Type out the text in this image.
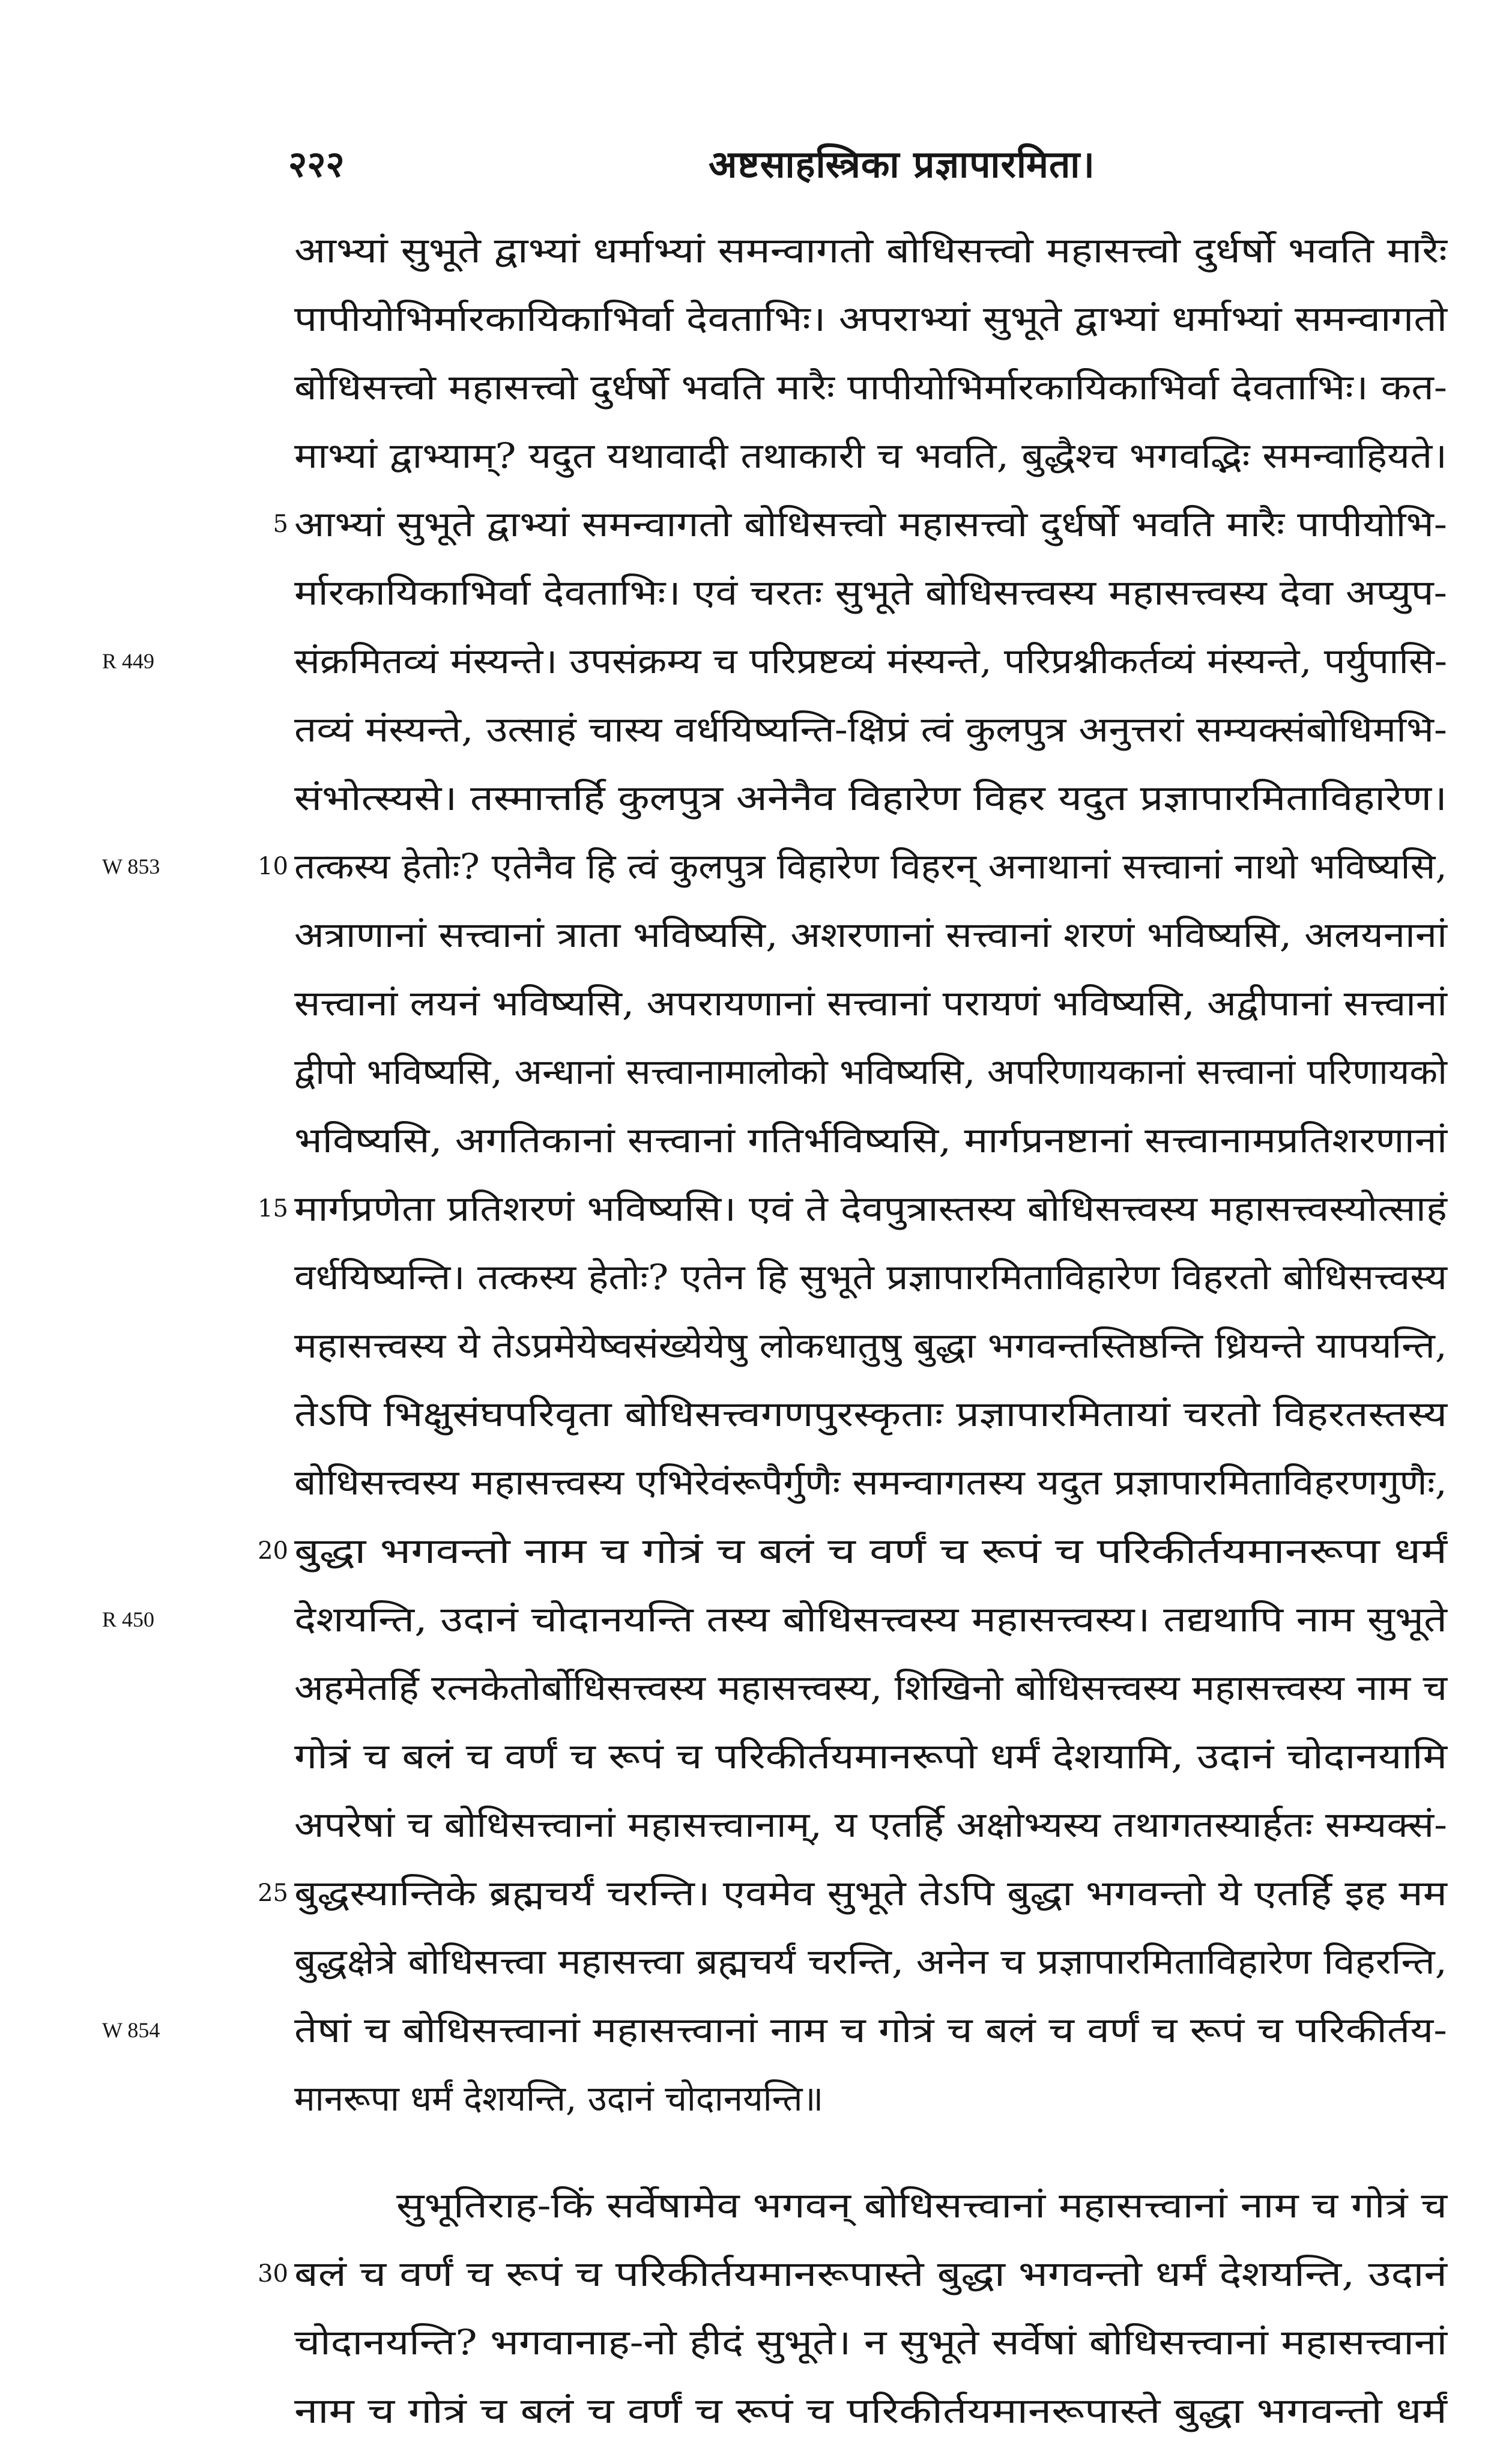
२२२	अष्टसाहस्त्रिका प्रज्ञापारमिता।
R 449
W 853
R 450
W 854
आभ्यां सुभूते द्वाभ्यां धर्माभ्यां समन्वागतो बोधिसत्त्वो महासत्त्वो दुर्धर्षो भवति मारैः
पापीयोभिर्मारकायिकाभिर्वा देवताभिः। अपराभ्यां सुभूते द्वाभ्यां धर्माभ्यां समन्वागतो
बोधिसत्त्वो महासत्त्वो दुर्धर्षो भवति मारैः पापीयोभिर्मारकायिकाभिर्वा देवताभिः। कत-
माभ्यां द्वाभ्याम्? यदुत यथावादी तथाकारी च भवति, बुद्धैश्च भगवद्भिः समन्वाहियते।
5 आभ्यां सुभूते द्वाभ्यां समन्वागतो बोधिसत्त्वो महासत्त्वो दुर्धर्षो भवति मारैः पापीयोभि-
र्मारकायिकाभिर्वा देवताभिः। एवं चरतः सुभूते बोधिसत्त्वस्य महासत्त्वस्य देवा अप्युप-
संक्रमितव्यं मंस्यन्ते। उपसंक्रम्य च परिप्रष्टव्यं मंस्यन्ते, परिप्रश्नीकर्तव्यं मंस्यन्ते, पर्युपासि-
तव्यं मंस्यन्ते, उत्साहं चास्य वर्धयिष्यन्ति-क्षिप्रं त्वं कुलपुत्र अनुत्तरां सम्यक्संबोधिमभि-
संभोत्स्यसे। तस्मात्तर्हि कुलपुत्र अनेनैव विहारेण विहर यदुत प्रज्ञापारमिताविहारेण।
10 तत्कस्य हेतोः? एतेनैव हि त्वं कुलपुत्र विहारेण विहरन् अनाथानां सत्त्वानां नाथो भविष्यसि,
अत्राणानां सत्त्वानां त्राता भविष्यसि, अशरणानां सत्त्वानां शरणं भविष्यसि, अलयनानां
सत्त्वानां लयनं भविष्यसि, अपरायणानां सत्त्वानां परायणं भविष्यसि, अद्वीपानां सत्त्वानां
द्वीपो भविष्यसि, अन्धानां सत्त्वानामालोको भविष्यसि, अपरिणायकानां सत्त्वानां परिणायको
भविष्यसि, अगतिकानां सत्त्वानां गतिर्भविष्यसि, मार्गप्रनष्टानां सत्त्वानामप्रतिशरणानां
15 मार्गप्रणेता प्रतिशरणं भविष्यसि। एवं ते देवपुत्रास्तस्य बोधिसत्त्वस्य महासत्त्वस्योत्साहं
वर्धयिष्यन्ति। तत्कस्य हेतोः? एतेन हि सुभूते प्रज्ञापारमिताविहारेण विहरतो बोधिसत्त्वस्य
महासत्त्वस्य ये तेऽप्रमेयेष्वसंख्येयेषु लोकधातुषु बुद्धा भगवन्तस्तिष्ठन्ति ध्रियन्ते यापयन्ति,
तेऽपि भिक्षुसंघपरिवृता बोधिसत्त्वगणपुरस्कृताः प्रज्ञापारमितायां चरतो विहरतस्तस्य
बोधिसत्त्वस्य महासत्त्वस्य एभिरेवंरूपैर्गुणैः समन्वागतस्य यदुत प्रज्ञापारमिताविहरणगुणैः,
20 बुद्धा भगवन्तो नाम च गोत्रं च बलं च वर्णं च रूपं च परिकीर्तयमानरूपा धर्मं
देशयन्ति, उदानं चोदानयन्ति तस्य बोधिसत्त्वस्य महासत्त्वस्य। तद्यथापि नाम सुभूते
अहमेतर्हि रत्नकेतोर्बोधिसत्त्वस्य महासत्त्वस्य, शिखिनो बोधिसत्त्वस्य महासत्त्वस्य नाम च
गोत्रं च बलं च वर्णं च रूपं च परिकीर्तयमानरूपो धर्मं देशयामि, उदानं चोदानयामि
अपरेषां च बोधिसत्त्वानां महासत्त्वानाम्, य एतर्हि अक्षोभ्यस्य तथागतस्यार्हतः सम्यक्सं-
25 बुद्धस्यान्तिके ब्रह्मचर्यं चरन्ति। एवमेव सुभूते तेऽपि बुद्धा भगवन्तो ये एतर्हि इह मम
बुद्धक्षेत्रे बोधिसत्त्वा महासत्त्वा ब्रह्मचर्यं चरन्ति, अनेन च प्रज्ञापारमिताविहारेण विहरन्ति,
तेषां च बोधिसत्त्वानां महासत्त्वानां नाम च गोत्रं च बलं च वर्णं च रूपं च परिकीर्तय-
मानरूपा धर्मं देशयन्ति, उदानं चोदानयन्ति॥
सुभूतिराह-किं सर्वेषामेव भगवन् बोधिसत्त्वानां महासत्त्वानां नाम च गोत्रं च
30 बलं च वर्णं च रूपं च परिकीर्तयमानरूपास्ते बुद्धा भगवन्तो धर्मं देशयन्ति, उदानं
चोदानयन्ति? भगवानाह-नो हीदं सुभूते। न सुभूते सर्वेषां बोधिसत्त्वानां महासत्त्वानां
नाम च गोत्रं च बलं च वर्णं च रूपं च परिकीर्तयमानरूपास्ते बुद्धा भगवन्तो धर्मं
